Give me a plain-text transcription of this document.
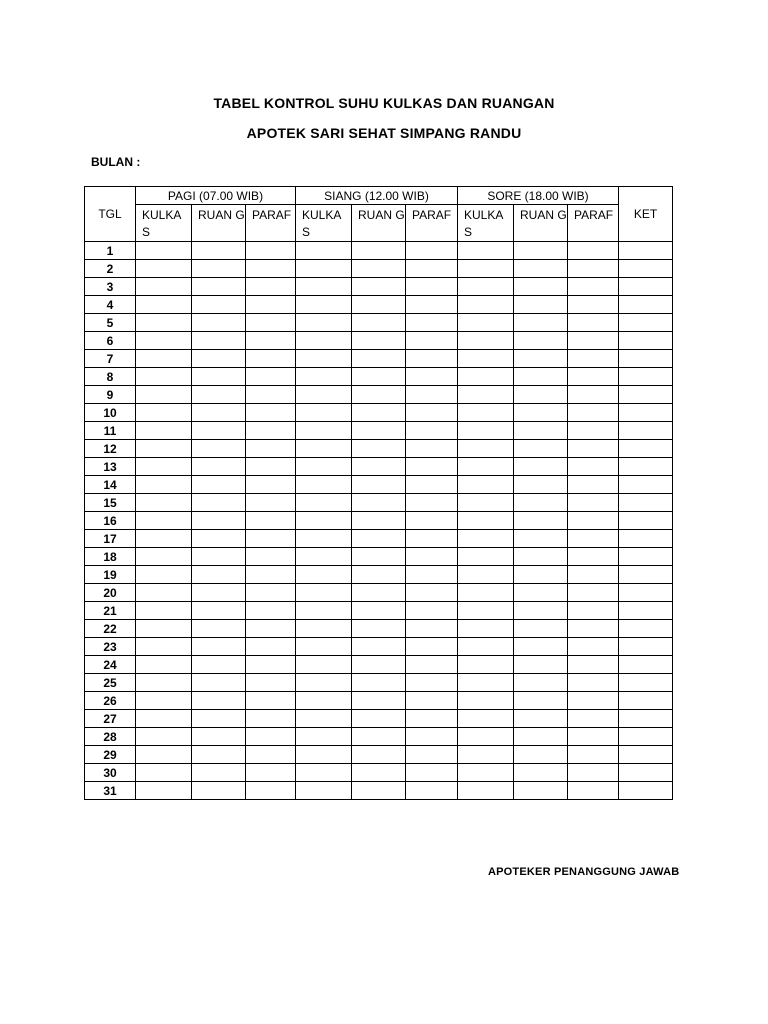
TABEL KONTROL SUHU KULKAS DAN RUANGAN
APOTEK SARI SEHAT SIMPANG RANDU
BULAN :
TGL	PAGI (07.00 WIB)			SIANG (12.00 WIB)			SORE (18.00 WIB)			KET
	KULKA S	RUAN G	PARAF	KULKA S	RUAN G	PARAF	KULKA S	RUAN G	PARAF	
1										
2										
3										
4										
5										
6										
7										
8										
9										
10										
11										
12										
13										
14										
15										
16										
17										
18										
19										
20										
21										
22										
23										
24										
25										
26										
27										
28										
29										
30										
31										
APOTEKER PENANGGUNG JAWAB
